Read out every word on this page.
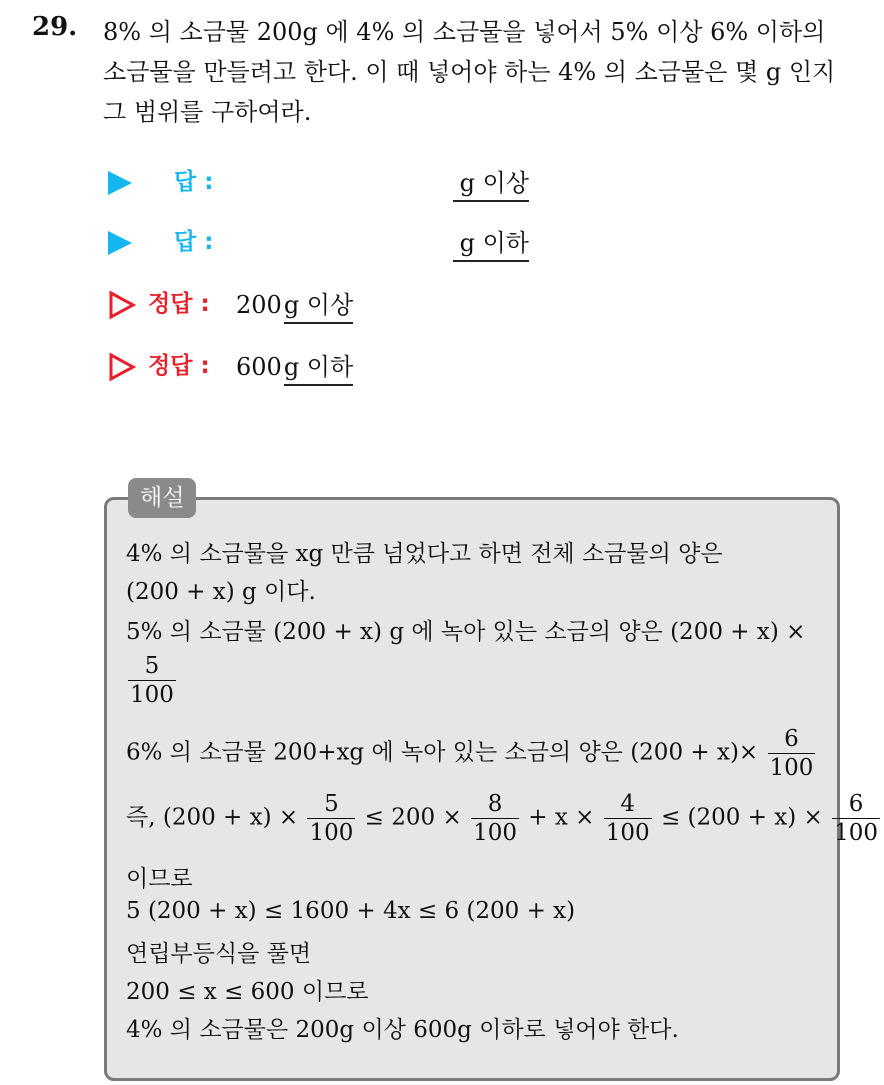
29. 8% 의 소금물 200g 에 4% 의 소금물을 넣어서 5% 이상 6% 이하의
소금물을 만들려고 한다. 이 때 넣어야 하는 4% 의 소금물은 몇 g 인지
그 범위를 구하여라.
답 :	g 이상
답 :	g 이하
정답 : 200g 이상
정답 : 600g 이하
해설
4% 의 소금물을 xg 만큼 넘었다고 하면 전체 소금물의 양은
(200 + x) g 이다.
5% 의 소금물 (200 + x) g 에 녹아 있는 소금의 양은 (200 + x) ×
$\frac{5}{100}$
6% 의 소금물 200+xg 에 녹아 있는 소금의 양은 $(200 + x)\times \frac{6}{100}$
즉, $(200 + x) \times \frac{5}{100} \le 200 \times \frac{8}{100} + x \times \frac{4}{100} \le (200 + x) \times \frac{6}{100}$
이므로
5 (200 + x) ≤ 1600 + 4x ≤ 6 (200 + x)
연립부등식을 풀면
200 ≤ x ≤ 600 이므로
4% 의 소금물은 200g 이상 600g 이하로 넣어야 한다.
